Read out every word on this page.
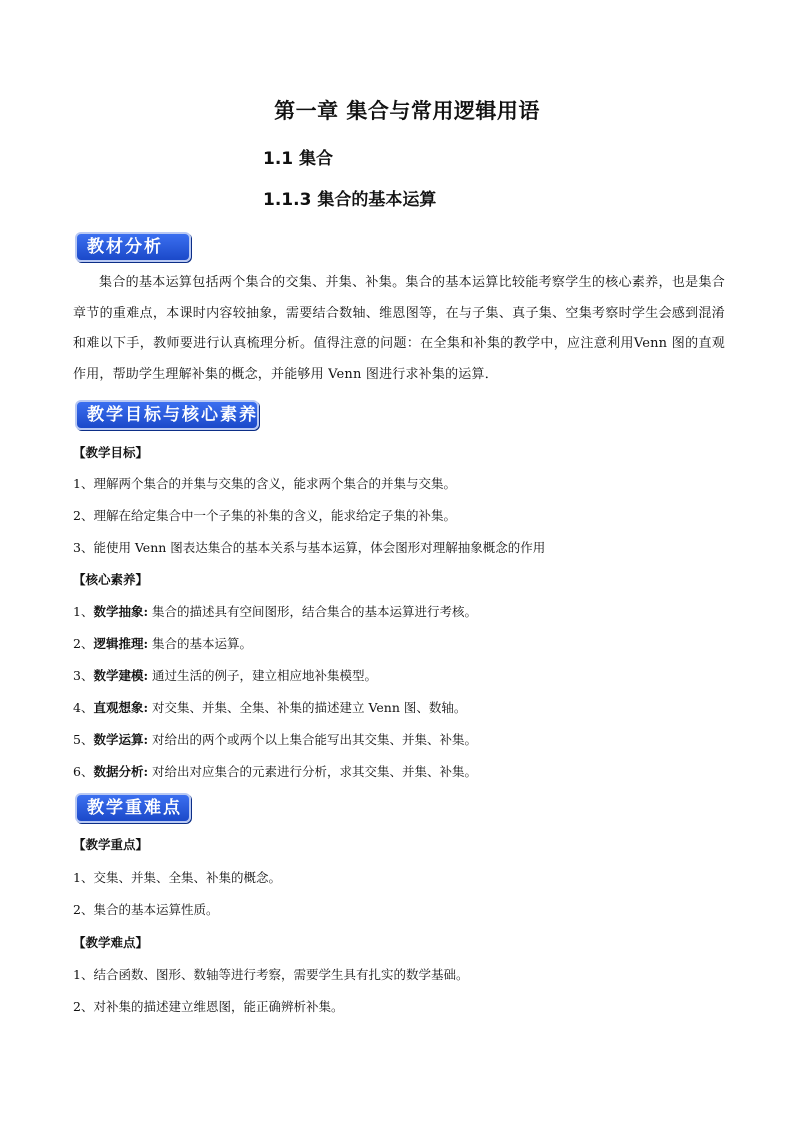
第一章 集合与常用逻辑用语
1.1 集合
1.1.3 集合的基本运算
教材分析

集合的基本运算包括两个集合的交集、并集、补集。集合的基本运算比较能考察学生的核心素养，也是集合章节的重难点，本课时内容较抽象，需要结合数轴、维恩图等，在与子集、真子集、空集考察时学生会感到混淆和难以下手，教师要进行认真梳理分析。值得注意的问题：在全集和补集的教学中，应注意利用Venn 图的直观作用，帮助学生理解补集的概念，并能够用 Venn 图进行求补集的运算．

教学目标与核心素养
【教学目标】
1、理解两个集合的并集与交集的含义，能求两个集合的并集与交集。
2、理解在给定集合中一个子集的补集的含义，能求给定子集的补集。
3、能使用 Venn 图表达集合的基本关系与基本运算，体会图形对理解抽象概念的作用
【核心素养】
1、数学抽象: 集合的描述具有空间图形，结合集合的基本运算进行考核。
2、逻辑推理: 集合的基本运算。
3、数学建模: 通过生活的例子，建立相应地补集模型。
4、直观想象: 对交集、并集、全集、补集的描述建立 Venn 图、数轴。
5、数学运算: 对给出的两个或两个以上集合能写出其交集、并集、补集。
6、数据分析: 对给出对应集合的元素进行分析，求其交集、并集、补集。
教学重难点
【教学重点】
1、交集、并集、全集、补集的概念。
2、集合的基本运算性质。
【教学难点】
1、结合函数、图形、数轴等进行考察，需要学生具有扎实的数学基础。
2、对补集的描述建立维恩图，能正确辨析补集。
